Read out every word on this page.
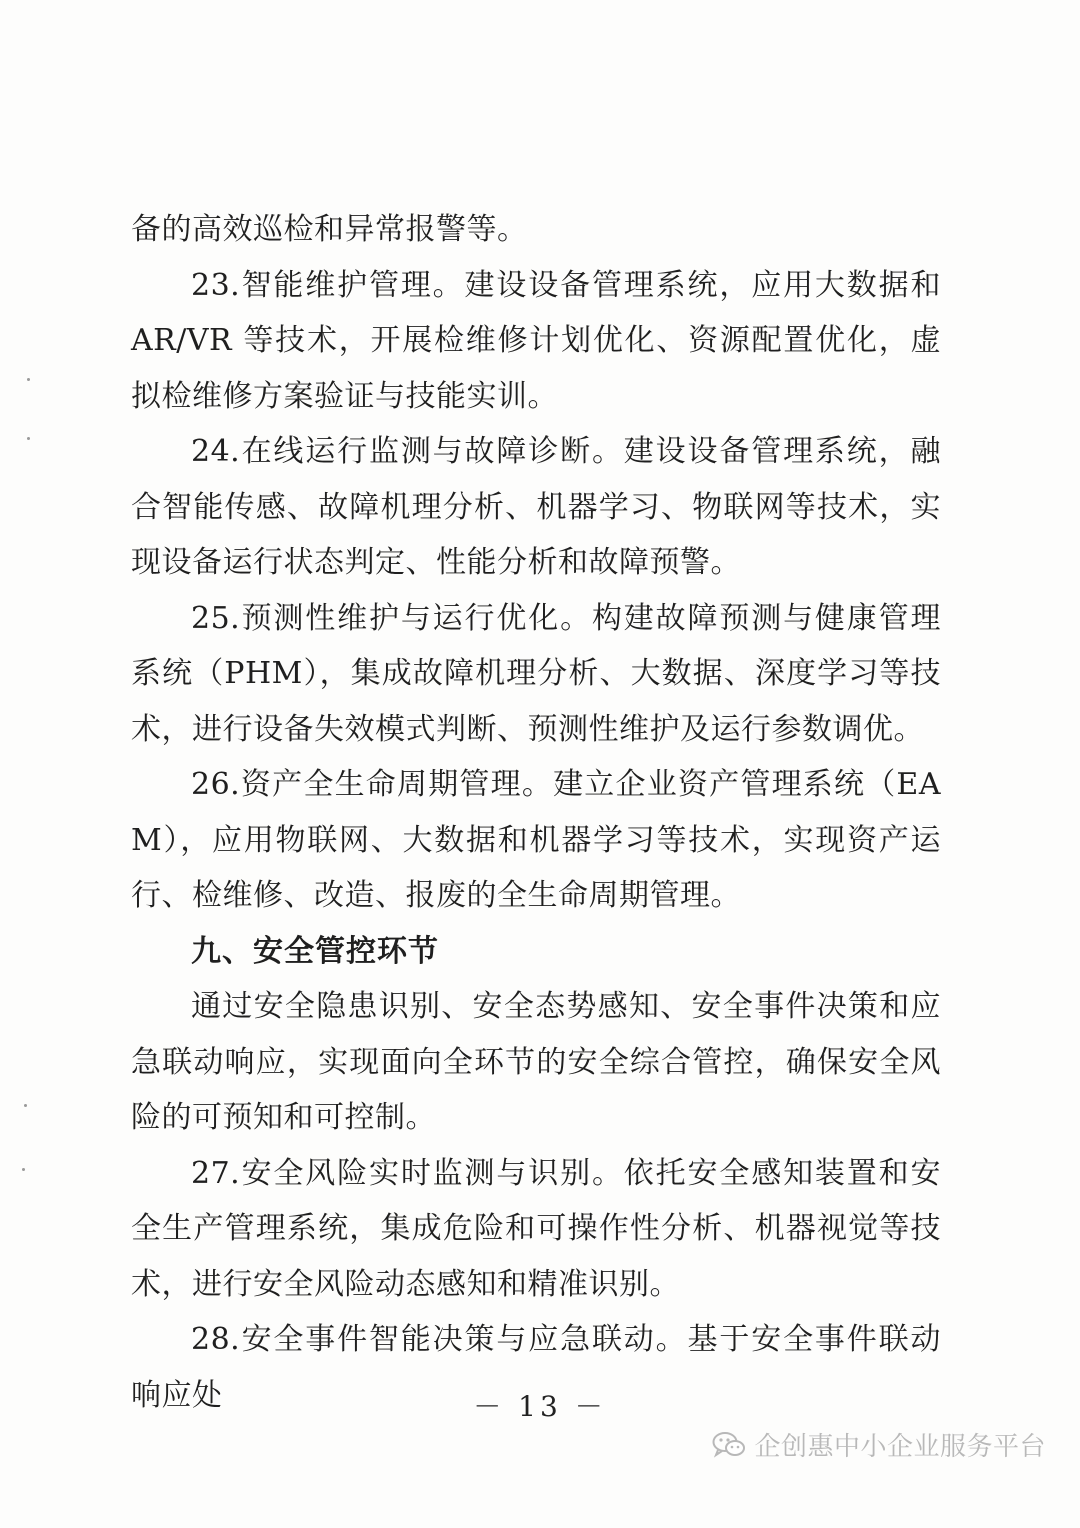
备的高效巡检和异常报警等。

23.智能维护管理。建设设备管理系统，应用大数据和 AR/VR 等技术，开展检维修计划优化、资源配置优化，虚拟检维修方案验证与技能实训。

24.在线运行监测与故障诊断。建设设备管理系统，融合智能传感、故障机理分析、机器学习、物联网等技术，实现设备运行状态判定、性能分析和故障预警。

25.预测性维护与运行优化。构建故障预测与健康管理系统（PHM），集成故障机理分析、大数据、深度学习等技术，进行设备失效模式判断、预测性维护及运行参数调优。

26.资产全生命周期管理。建立企业资产管理系统（EAM），应用物联网、大数据和机器学习等技术，实现资产运行、检维修、改造、报废的全生命周期管理。

九、安全管控环节

通过安全隐患识别、安全态势感知、安全事件决策和应急联动响应，实现面向全环节的安全综合管控，确保安全风险的可预知和可控制。

27.安全风险实时监测与识别。依托安全感知装置和安全生产管理系统，集成危险和可操作性分析、机器视觉等技术，进行安全风险动态感知和精准识别。

28.安全事件智能决策与应急联动。基于安全事件联动响应处	－ 13 －
企创惠中小企业服务平台
